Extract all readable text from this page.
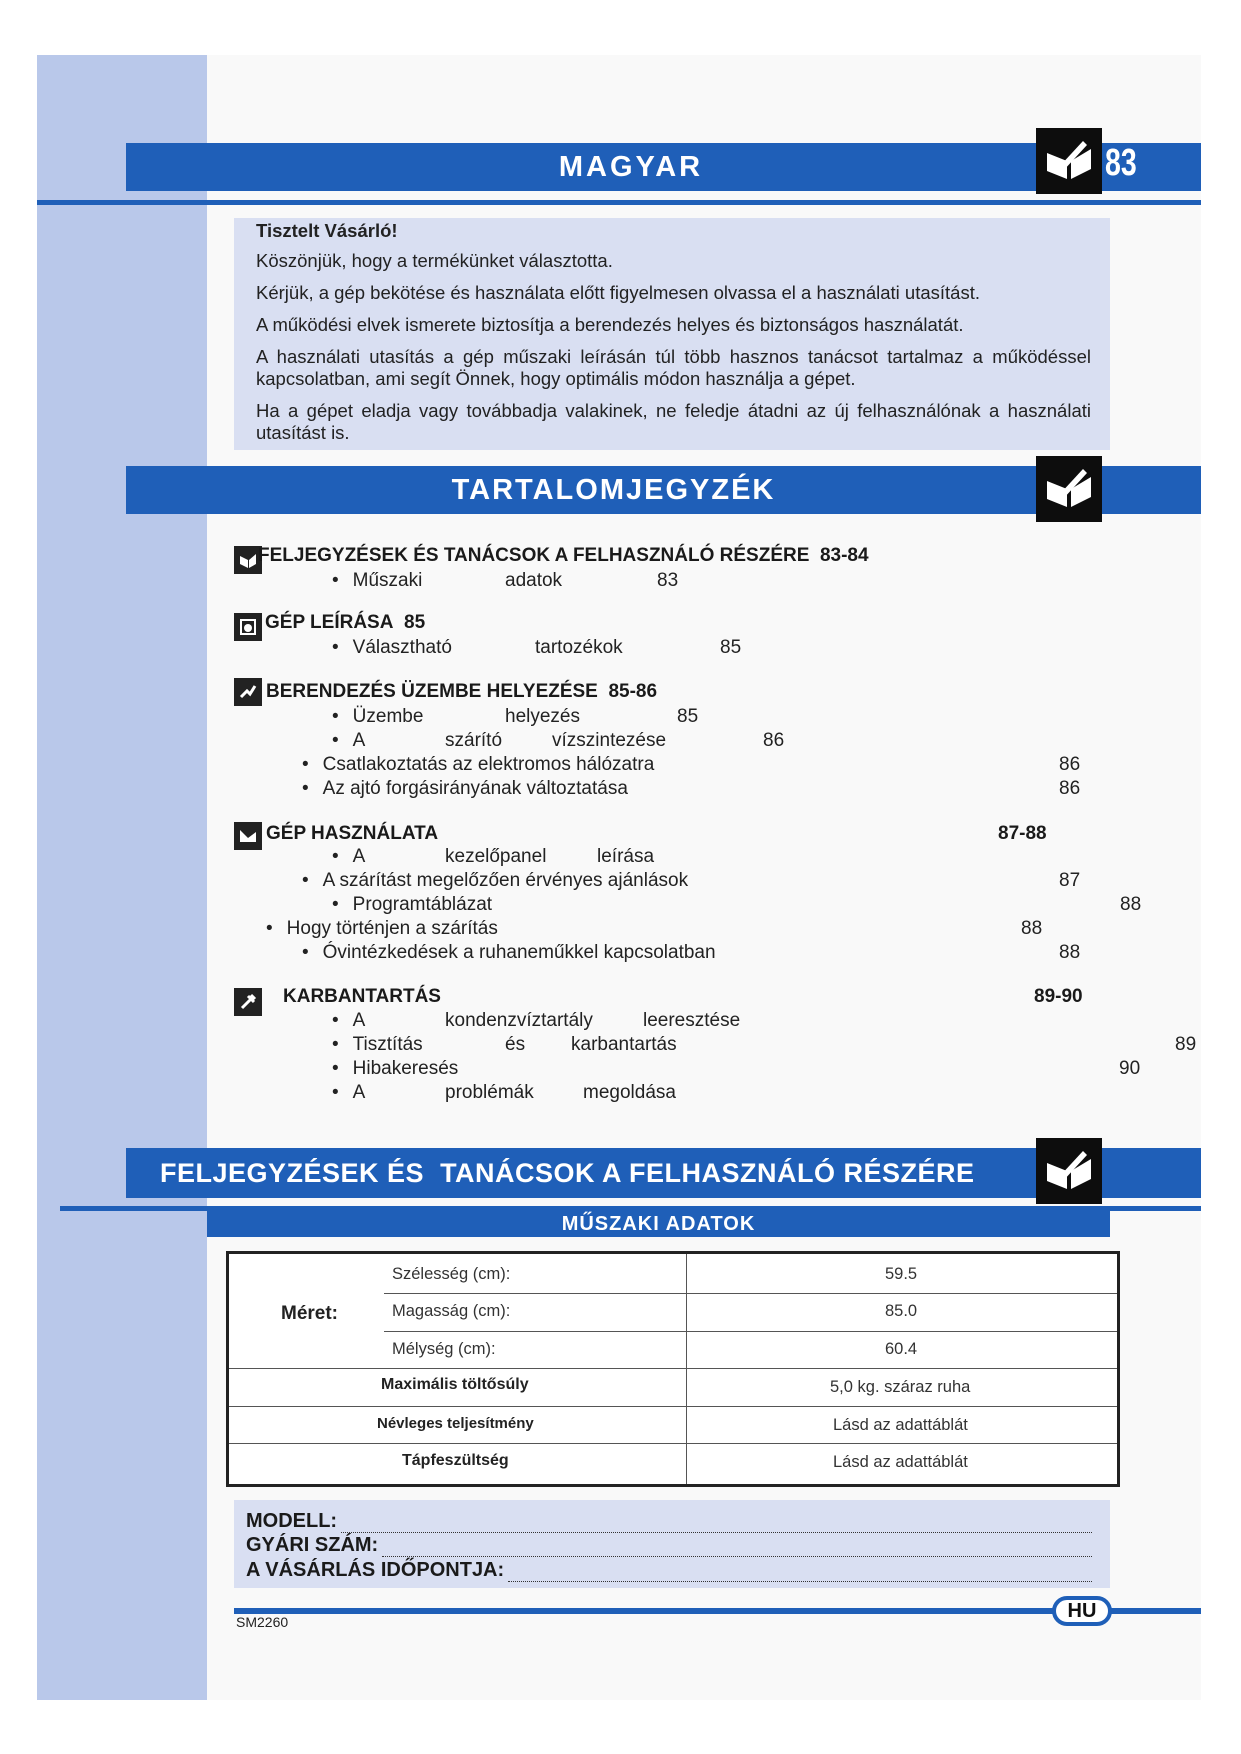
MAGYAR	83

Tisztelt Vásárló!

Köszönjük, hogy a termékünket választotta.

Kérjük, a gép bekötése és használata előtt figyelmesen olvassa el a használati utasítást.

A működési elvek ismerete biztosítja a berendezés helyes és biztonságos használatát.

A használati utasítás a gép műszaki leírásán túl több hasznos tanácsot tartalmaz a működéssel kapcsolatban, ami segít Önnek, hogy optimális módon használja a gépet.

Ha a gépet eladja vagy továbbadja valakinek, ne feledje átadni az új felhasználónak a használati utasítást is.

TARTALOMJEGYZÉK
FELJEGYZÉSEK ÉS TANÁCSOK A FELHASZNÁLÓ RÉSZÉRE 83-84
• Műszaki	adatok	83
GÉP LEÍRÁSA 85
• Választható	tartozékok	85
BERENDEZÉS ÜZEMBE HELYEZÉSE 85-86
• Üzembe	helyezés	85
• A	szárító	vízszintezése	86
• Csatlakoztatás az elektromos hálózatra	86
• Az ajtó forgásirányának változtatása	86
GÉP HASZNÁLATA	87-88
• A	kezelőpanel	leírása
• A szárítást megelőzően érvényes ajánlások	87
• Programtáblázat	88
• Hogy történjen a szárítás	88
• Óvintézkedések a ruhaneműkkel kapcsolatban	88
KARBANTARTÁS	89-90
• A	kondenzvíztartály	leeresztése
• Tisztítás	és karbantartás	89
• Hibakeresés	90
• A	problémák	megoldása
FELJEGYZÉSEK ÉS  TANÁCSOK A FELHASZNÁLÓ RÉSZÉRE
MŰSZAKI ADATOK
Méret:
Szélesség (cm):	59.5
Magasság (cm):	85.0
Mélység (cm):	60.4
Maximális töltősúly	5,0 kg. száraz ruha
Névleges teljesítmény	Lásd az adattáblát
Tápfeszültség	Lásd az adattáblát
MODELL:
GYÁRI SZÁM:
A VÁSÁRLÁS IDŐPONTJA:
HU
SM2260
